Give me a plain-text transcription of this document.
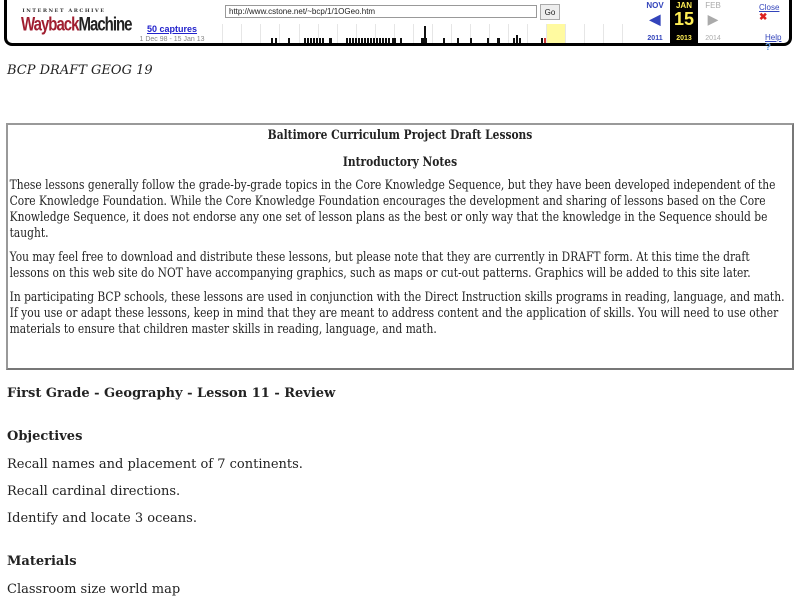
INTERNET ARCHIVE
WaybackMachine	50 captures
1 Dec 98 - 15 Jan 13
http://www.cstone.net/~bcp/1/1OGeo.htm
Go
NOV
◀
2011
JAN
15
2013
FEB
▶
2014
Close ✖
Help ?
BCP DRAFT GEOG 19
Baltimore Curriculum Project Draft Lessons
Introductory Notes

These lessons generally follow the grade-by-grade topics in the Core Knowledge Sequence, but they have been developed independent of the Core Knowledge Foundation. While the Core Knowledge Foundation encourages the development and sharing of lessons based on the Core Knowledge Sequence, it does not endorse any one set of lesson plans as the best or only way that the knowledge in the Sequence should be taught.

You may feel free to download and distribute these lessons, but please note that they are currently in DRAFT form. At this time the draft lessons on this web site do NOT have accompanying graphics, such as maps or cut-out patterns. Graphics will be added to this site later.

In participating BCP schools, these lessons are used in conjunction with the Direct Instruction skills programs in reading, language, and math. If you use or adapt these lessons, keep in mind that they are meant to address content and the application of skills. You will need to use other materials to ensure that children master skills in reading, language, and math.

First Grade - Geography - Lesson 11 - Review
Objectives
Recall names and placement of 7 continents.
Recall cardinal directions.
Identify and locate 3 oceans.
Materials
Classroom size world map
